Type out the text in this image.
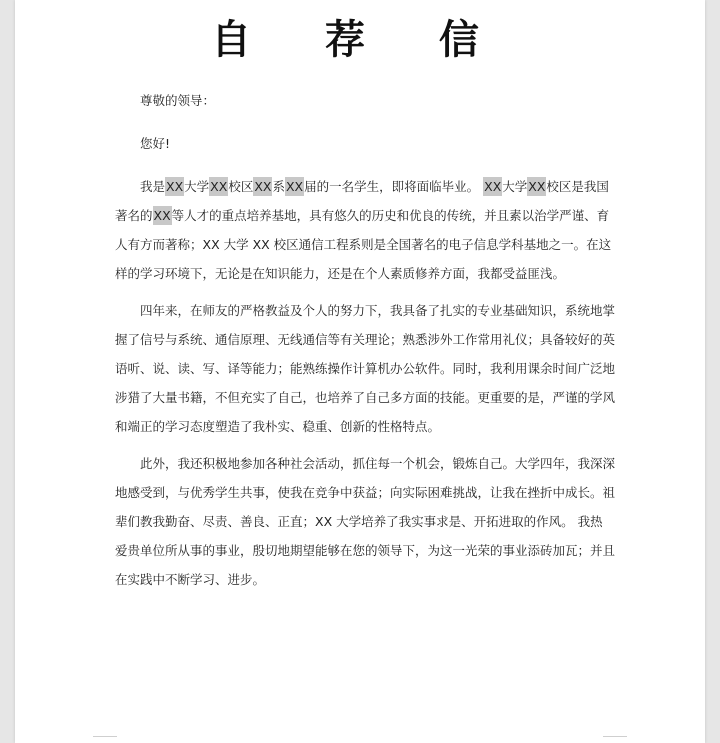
自 荐 信

尊敬的领导：

您好!

我是XX大学XX校区XX系XX届的一名学生，即将面临毕业。 XX大学XX校区是我国著名的XX等人才的重点培养基地，具有悠久的历史和优良的传统，并且素以治学严谨、育人有方而著称；XX 大学 XX 校区通信工程系则是全国著名的电子信息学科基地之一。在这样的学习环境下，无论是在知识能力，还是在个人素质修养方面，我都受益匪浅。

四年来，在师友的严格教益及个人的努力下，我具备了扎实的专业基础知识，系统地掌握了信号与系统、通信原理、无线通信等有关理论；熟悉涉外工作常用礼仪；具备较好的英语听、说、读、写、译等能力；能熟练操作计算机办公软件。同时，我利用课余时间广泛地涉猎了大量书籍，不但充实了自己，也培养了自己多方面的技能。更重要的是，严谨的学风和端正的学习态度塑造了我朴实、稳重、创新的性格特点。

此外，我还积极地参加各种社会活动，抓住每一个机会，锻炼自己。大学四年，我深深地感受到，与优秀学生共事，使我在竞争中获益；向实际困难挑战，让我在挫折中成长。祖辈们教我勤奋、尽责、善良、正直；XX 大学培养了我实事求是、开拓进取的作风。 我热爱贵单位所从事的事业，殷切地期望能够在您的领导下，为这一光荣的事业添砖加瓦；并且在实践中不断学习、进步。
